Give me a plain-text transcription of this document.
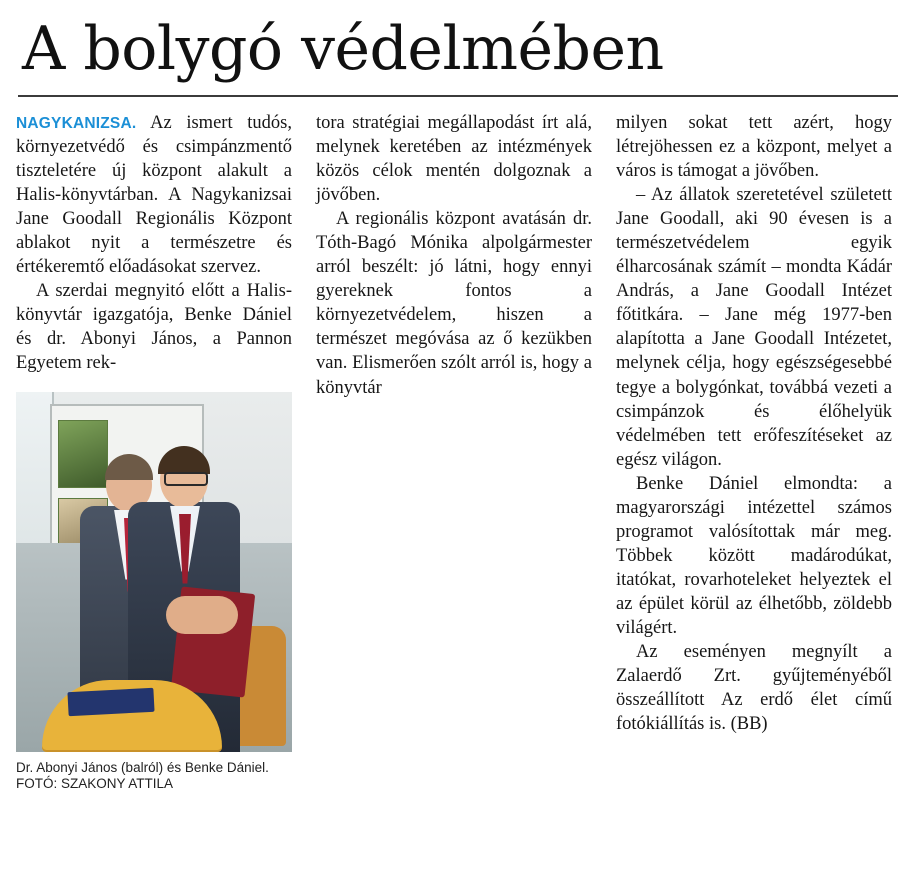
A bolygó védelmében

NAGYKANIZSA. Az ismert tudós, környezetvédő és csimpánzmentő tiszteletére új központ alakult a Halis-könyvtárban. A Nagykanizsai Jane Goodall Regionális Központ ablakot nyit a természetre és értékeremtő előadásokat szervez.

A szerdai megnyitó előtt a Halis-könyvtár igazgatója, Benke Dániel és dr. Abonyi János, a Pannon Egyetem rek-

Dr. Abonyi János (balról) és Benke Dániel. FOTÓ: SZAKONY ATTILA

tora stratégiai megállapodást írt alá, melynek keretében az intézmények közös célok mentén dolgoznak a jövőben.

A regionális központ avatásán dr. Tóth-Bagó Mónika alpolgármester arról beszélt: jó látni, hogy ennyi gyereknek fontos a környezetvédelem, hiszen a természet megóvása az ő kezükben van. Elismerően szólt arról is, hogy a könyvtár

milyen sokat tett azért, hogy létrejöhessen ez a központ, melyet a város is támogat a jövőben.

– Az állatok szeretetével született Jane Goodall, aki 90 évesen is a természetvédelem egyik élharcosának számít – mondta Kádár András, a Jane Goodall Intézet főtitkára. – Jane még 1977-ben alapította a Jane Goodall Intézetet, melynek célja, hogy egészségesebbé tegye a bolygónkat, továbbá vezeti a csimpánzok és élőhelyük védelmében tett erőfeszítéseket az egész világon.

Benke Dániel elmondta: a magyarországi intézettel számos programot valósítottak már meg. Többek között madárodúkat, itatókat, rovarhoteleket helyeztek el az épület körül az élhetőbb, zöldebb világért.

Az eseményen megnyílt a Zalaerdő Zrt. gyűjteményéből összeállított Az erdő élet című fotókiállítás is. (BB)
